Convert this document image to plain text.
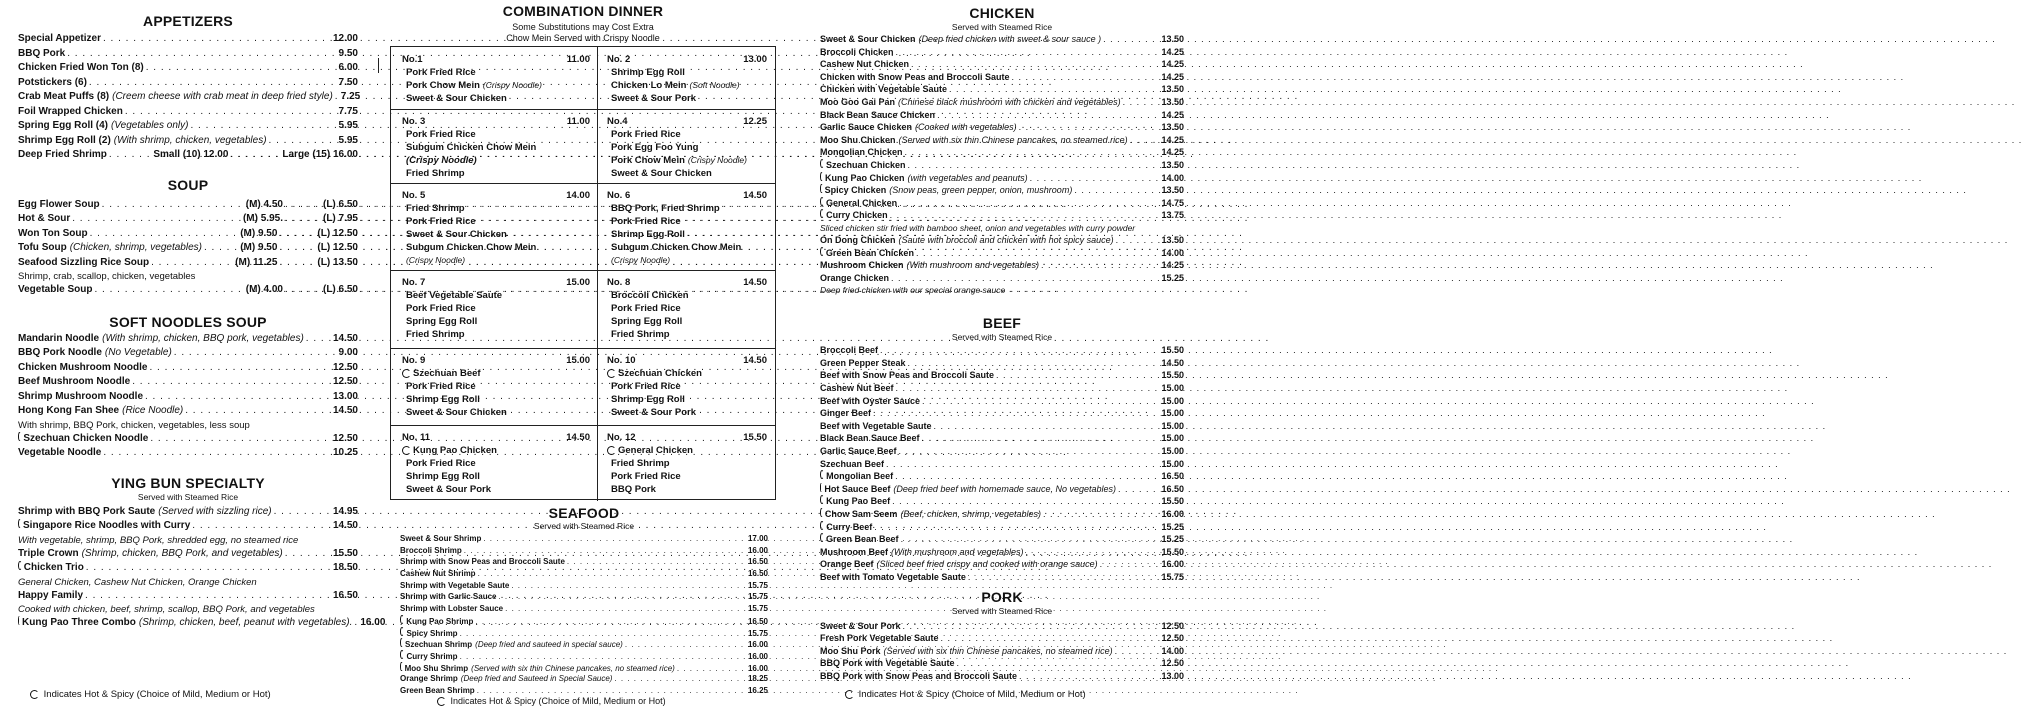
APPETIZERS
Special Appetizer . . .	12.00
BBQ Pork . . .	9.50
Chicken Fried Won Ton (8) . . .	6.00
Potstickers (6) . . .	7.50
Crab Meat Puffs (8) (Creem cheese with crab meat in deep fried style) . . . 7.25
Foil Wrapped Chicken . . .	7.75
Spring Egg Roll (4) (Vegetables only) . . .	5.95
Shrimp Egg Roll (2) (With shrimp, chicken, vegetables) . . .	5.95
Deep Fried Shrimp . . .	Small (10) 12.00 . . .	Large (15) 16.00
SOUP
Egg Flower Soup . . .	(M) 4.50 . . .	(L) 6.50
Hot & Sour . . .	(M) 5.95. . . .	(L) 7.95
Won Ton Soup . . .	(M) 9.50 . . .	(L) 12.50
Tofu Soup (Chicken, shrimp, vegetables) . . .	(M) 9.50 . . .	(L) 12.50
Seafood Sizzling Rice Soup . . .	(M) 11.25 . . .	(L) 13.50
Shrimp, crab, scallop, chicken, vegetables
Vegetable Soup . . .	(M) 4.00 . . .	(L) 6.50
SOFT NOODLES SOUP
Mandarin Noodle (With shrimp, chicken, BBQ pork, vegetables) . . .	14.50
BBQ Pork Noodle (No Vegetable) . . .	9.00
Chicken Mushroom Noodle . . .	12.50
Beef Mushroom Noodle . . .	12.50
Shrimp Mushroom Noodle . . .	13.00
Hong Kong Fan Shee (Rice Noodle) . . .	14.50
With shrimp, BBQ Pork, chicken, vegetables, less soup
Szechuan Chicken Noodle . . .	12.50
Vegetable Noodle . . .	10.25
YING BUN SPECIALTY
Served with Steamed Rice
Shrimp with BBQ Pork Saute (Served with sizzling rice) . . .	14.95
Singapore Rice Noodles with Curry . . .	14.50
With vegetable, shrimp, BBQ Pork, shredded egg, no steamed rice
Triple Crown (Shrimp, chicken, BBQ Pork, and vegetables) . . .	15.50
Chicken Trio . . .	18.50
General Chicken, Cashew Nut Chicken, Orange Chicken
Happy Family . . .	16.50
Cooked with chicken, beef, shrimp, scallop, BBQ Pork, and vegetables
Kung Pao Three Combo (Shrimp, chicken, beef, peanut with vegetables). . . . 16.00
Indicates Hot & Spicy (Choice of Mild, Medium or Hot)
COMBINATION DINNER
Some Substitutions may Cost Extra
Chow Mein Served with Crispy Noodle
No.1	11.00
Pork Fried Rice
Pork Chow Mein (Crispy Noodle)
Sweet & Sour Chicken
No. 2	13.00
Shrimp Egg Roll
Chicken Lo Mein (Soft Noodle)
Sweet & Sour Pork
No. 3	11.00
Pork Fried Rice
Subgum Chicken Chow Mein
(Crispy Noodle)
Fried Shrimp
No.4	12.25
Pork Fried Rice
Pork Egg Foo Yung
Pork Chow Mein (Crispy Noodle)
Sweet & Sour Chicken
No. 5	14.00
Fried Shrimp
Pork Fried Rice
Sweet & Sour Chicken
Subgum Chicken Chow Mein
(Crispy Noodle)
No. 6	14.50
BBQ Pork, Fried Shrimp
Pork Fried Rice
Shrimp Egg Roll
Subgum Chicken Chow Mein
(Crispy Noodle)
No. 7	15.00
Beef Vegetable Saute
Pork Fried Rice
Spring Egg Roll
Fried Shrimp
No. 8	14.50
Broccoli Chicken
Pork Fried Rice
Spring Egg Roll
Fried Shrimp
No. 9	15.00
Szechuan Beef
Pork Fried Rice
Shrimp Egg Roll
Sweet & Sour Chicken
No. 10	14.50
Szechuan Chicken
Pork Fried Rice
Shrimp Egg Roll
Sweet & Sour Pork
No. 11	14.50
Kung Pao Chicken
Pork Fried Rice
Shrimp Egg Roll
Sweet & Sour Pork
No. 12	15.50
General Chicken
Fried Shrimp
Pork Fried Rice
BBQ Pork
SEAFOOD
Served with Steamed Rice
Sweet & Sour Shrimp . . .	17.00
Broccoli Shrimp . . .	16.00
Shrimp with Snow Peas and Broccoli Saute . . .	16.50
Cashew Nut Shrimp . . .	16.50
Shrimp with Vegetable Saute . . .	15.75
Shrimp with Garlic Sauce . . .	15.75
Shrimp with Lobster Sauce . . .	15.75
Kung Pao Shrimp . . .	16.50
Spicy Shrimp . . .	15.75
Szechuan Shrimp (Deep fried and sauteed in special sauce) . . .	16.00
Curry Shrimp . . .	16.00
Moo Shu Shrimp (Served with six thin Chinese pancakes, no steamed rice) . . .	16.00
Orange Shrimp (Deep fried and Sauteed in Special Sauce) . . .	18.25
Green Bean Shrimp . . .	16.25
Indicates Hot & Spicy (Choice of Mild, Medium or Hot)
CHICKEN
Served with Steamed Rice
Sweet & Sour Chicken (Deep fried chicken with sweet & sour sauce ) . . .	13.50
Broccoli Chicken . . .	14.25
Cashew Nut Chicken . . .	14.25
Chicken with Snow Peas and Broccoli Saute . . .	14.25
Chicken with Vegetable Saute . . .	13.50
Moo Goo Gai Pan (Chinese black mushroom with chicken and vegetables) . . .	13.50
Black Bean Sauce Chicken . . .	14.25
Garlic Sauce Chicken (Cooked with vegetables) . . .	13.50
Moo Shu Chicken (Served with six thin Chinese pancakes, no steamed rice) . . .	14.25
Mongolian Chicken . . .	14.25
Szechuan Chicken . . .	13.50
Kung Pao Chicken (with vegetables and peanuts) . . .	14.00
Spicy Chicken (Snow peas, green pepper, onion, mushroom) . . .	13.50
General Chicken . . .	14.75
Curry Chicken . . .	13.75
Sliced chicken stir fried with bamboo sheet, onion and vegetables with curry powder
On Dong Chicken (Saute with broccoli and chicken with hot spicy sauce) . . .	13.50
Green Bean Chicken . . .	14.00
Mushroom Chicken (With mushroom and vegetables) . . .	14.25
Orange Chicken . . .	15.25
Deep fried chicken with our special orange sauce
BEEF
Served with Steamed Rice
Broccoli Beef . . .	15.50
Green Pepper Steak . . .	14.50
Beef with Snow Peas and Broccoli Saute . . .	15.50
Cashew Nut Beef . . .	15.00
Beef with Oyster Sauce . . .	15.00
Ginger Beef . . .	15.00
Beef with Vegetable Saute . . .	15.00
Black Bean Sauce Beef . . .	15.00
Garlic Sauce Beef . . .	15.00
Szechuan Beef . . .	15.00
Mongolian Beef . . .	16.50
Hot Sauce Beef (Deep fried beef with homemade sauce, No vegetables) . . .	16.50
Kung Pao Beef . . .	15.50
Chow Sam Seem (Beef, chicken, shrimp, vegetables) . . .	16.00
Curry Beef . . .	15.25
Green Bean Beef . . .	15.25
Mushroom Beef (With mushroom and vegetables) . . .	15.50
Orange Beef (Sliced beef fried crispy and cooked with orange sauce) . . .	16.00
Beef with Tomato Vegetable Saute . . .	15.75
PORK
Served with Steamed Rice
Sweet & Sour Pork . . .	12.50
Fresh Pork Vegetable Saute . . .	12.50
Moo Shu Pork (Served with six thin Chinese pancakes, no steamed rice) . . .	14.00
BBQ Pork with Vegetable Saute . . .	12.50
BBQ Pork with Snow Peas and Broccoli Saute . . .	13.00
Indicates Hot & Spicy (Choice of Mild, Medium or Hot)
